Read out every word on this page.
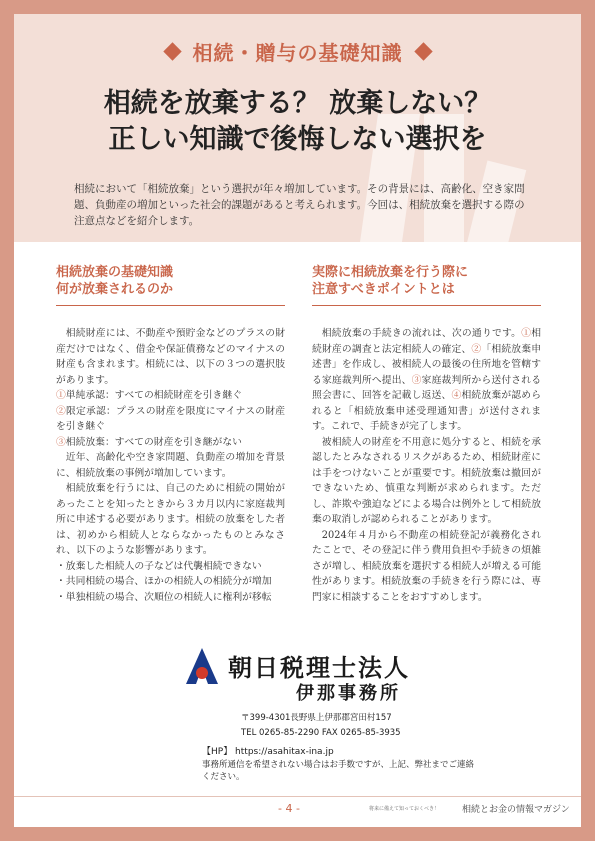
相続・贈与の基礎知識
相続を放棄する？ 放棄しない？
正しい知識で後悔しない選択を

相続において「相続放棄」という選択が年々増加しています。その背景には、高齢化、空き家問題、負動産の増加といった社会的課題があると考えられます。今回は、相続放棄を選択する際の注意点などを紹介します。

相続放棄の基礎知識
何が放棄されるのか

相続財産には、不動産や預貯金などのプラスの財産だけではなく、借金や保証債務などのマイナスの財産も含まれます。相続には、以下の３つの選択肢があります。

①単純承認：すべての相続財産を引き継ぐ

②限定承認：プラスの財産を限度にマイナスの財産を引き継ぐ

③相続放棄：すべての財産を引き継がない

近年、高齢化や空き家問題、負動産の増加を背景に、相続放棄の事例が増加しています。

相続放棄を行うには、自己のために相続の開始があったことを知ったときから３カ月以内に家庭裁判所に申述する必要があります。相続の放棄をした者は、初めから相続人とならなかったものとみなされ、以下のような影響があります。

・放棄した相続人の子などは代襲相続できない

・共同相続の場合、ほかの相続人の相続分が増加

・単独相続の場合、次順位の相続人に権利が移転

実際に相続放棄を行う際に
注意すべきポイントとは

相続放棄の手続きの流れは、次の通りです。①相続財産の調査と法定相続人の確定、②「相続放棄申述書」を作成し、被相続人の最後の住所地を管轄する家庭裁判所へ提出、③家庭裁判所から送付される照会書に、回答を記載し返送、④相続放棄が認められると「相続放棄申述受理通知書」が送付されます。これで、手続きが完了します。

被相続人の財産を不用意に処分すると、相続を承認したとみなされるリスクがあるため、相続財産には手をつけないことが重要です。相続放棄は撤回ができないため、慎重な判断が求められます。ただし、詐欺や強迫などによる場合は例外として相続放棄の取消しが認められることがあります。

2024年４月から不動産の相続登記が義務化されたことで、その登記に伴う費用負担や手続きの煩雑さが増し、相続放棄を選択する相続人が増える可能性があります。相続放棄の手続きを行う際には、専門家に相談することをおすすめします。

朝日税理士法人
伊那事務所
〒399-4301長野県上伊那郡宮田村157
TEL 0265-85-2290 FAX 0265-85-3935
【HP】 https://asahitax-ina.jp
事務所通信を希望されない場合はお手数ですが、上記、弊社までご連絡ください。
- 4 -	将来に備えて知っておくべき！	相続とお金の情報マガジン
